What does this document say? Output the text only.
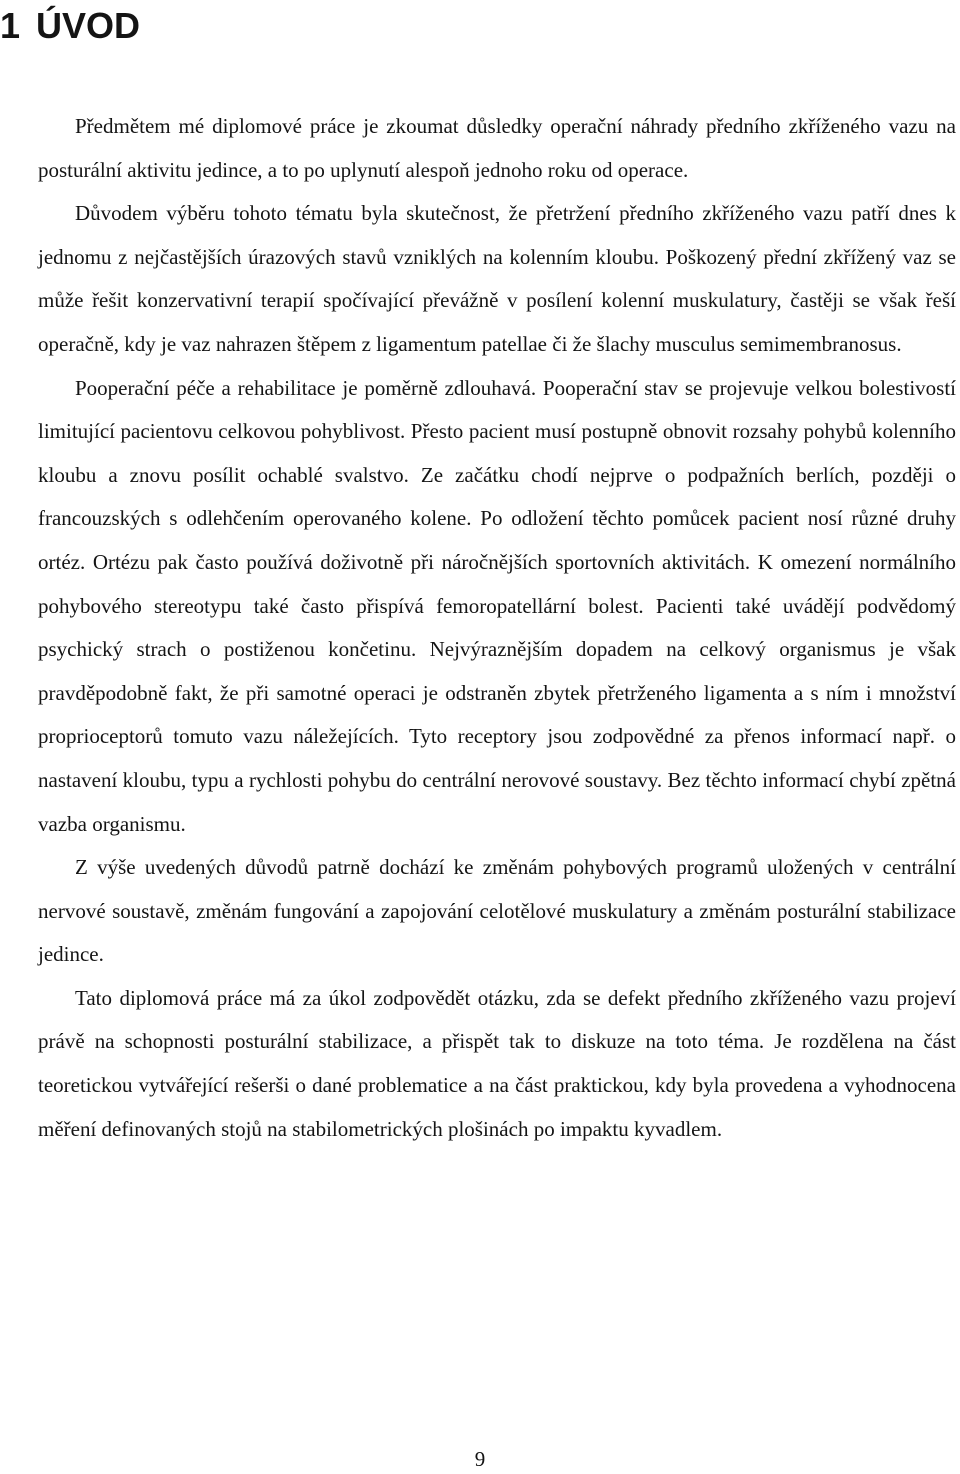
1 ÚVOD

Předmětem mé diplomové práce je zkoumat důsledky operační náhrady předního zkříženého vazu na posturální aktivitu jedince, a to po uplynutí alespoň jednoho roku od operace.

Důvodem výběru tohoto tématu byla skutečnost, že přetržení předního zkříženého vazu patří dnes k jednomu z nejčastějších úrazových stavů vzniklých na kolenním kloubu. Poškozený přední zkřížený vaz se může řešit konzervativní terapií spočívající převážně v posílení kolenní muskulatury, častěji se však řeší operačně, kdy je vaz nahrazen štěpem z ligamentum patellae či že šlachy musculus semimembranosus.

Pooperační péče a rehabilitace je poměrně zdlouhavá. Pooperační stav se projevuje velkou bolestivostí limitující pacientovu celkovou pohyblivost. Přesto pacient musí postupně obnovit rozsahy pohybů kolenního kloubu a znovu posílit ochablé svalstvo. Ze začátku chodí nejprve o podpažních berlích, později o francouzských s odlehčením operovaného kolene. Po odložení těchto pomůcek pacient nosí různé druhy ortéz. Ortézu pak často používá doživotně při náročnějších sportovních aktivitách. K omezení normálního pohybového stereotypu také často přispívá femoropatellární bolest. Pacienti také uvádějí podvědomý psychický strach o postiženou končetinu. Nejvýraznějším dopadem na celkový organismus je však pravděpodobně fakt, že při samotné operaci je odstraněn zbytek přetrženého ligamenta a s ním i množství proprioceptorů tomuto vazu náležejících. Tyto receptory jsou zodpovědné za přenos informací např. o nastavení kloubu, typu a rychlosti pohybu do centrální nerovové soustavy. Bez těchto informací chybí zpětná vazba organismu.

Z výše uvedených důvodů patrně dochází ke změnám pohybových programů uložených v centrální nervové soustavě, změnám fungování a zapojování celotělové muskulatury a změnám posturální stabilizace jedince.

Tato diplomová práce má za úkol zodpovědět otázku, zda se defekt předního zkříženého vazu projeví právě na schopnosti posturální stabilizace, a přispět tak to diskuze na toto téma. Je rozdělena na část teoretickou vytvářející rešerši o dané problematice a na část praktickou, kdy byla provedena a vyhodnocena měření definovaných stojů na stabilometrických plošinách po impaktu kyvadlem.

9
